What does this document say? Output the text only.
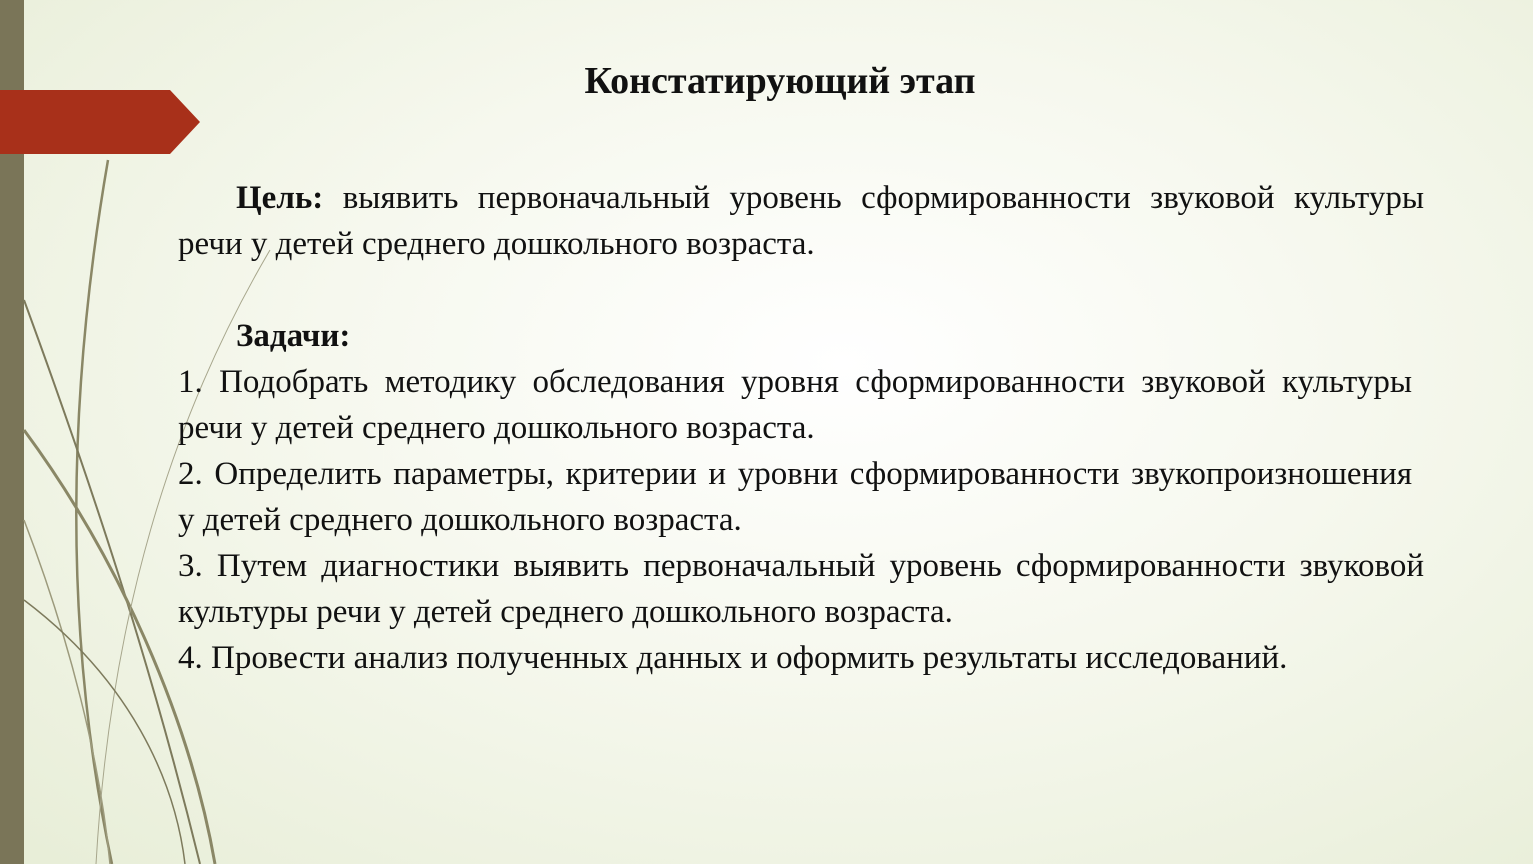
Констатирующий этап

Цель: выявить первоначальный уровень сформированности звуковой культуры речи у детей среднего дошкольного возраста.

Задачи:

1. Подобрать методику обследования уровня сформированности звуковой культуры речи у детей среднего дошкольного возраста.

2. Определить параметры, критерии и уровни сформированности звукопроизношения у детей среднего дошкольного возраста.

3. Путем диагностики выявить первоначальный уровень сформированности звуковой культуры речи у детей среднего дошкольного возраста.

4. Провести анализ полученных данных и оформить результаты исследований.
